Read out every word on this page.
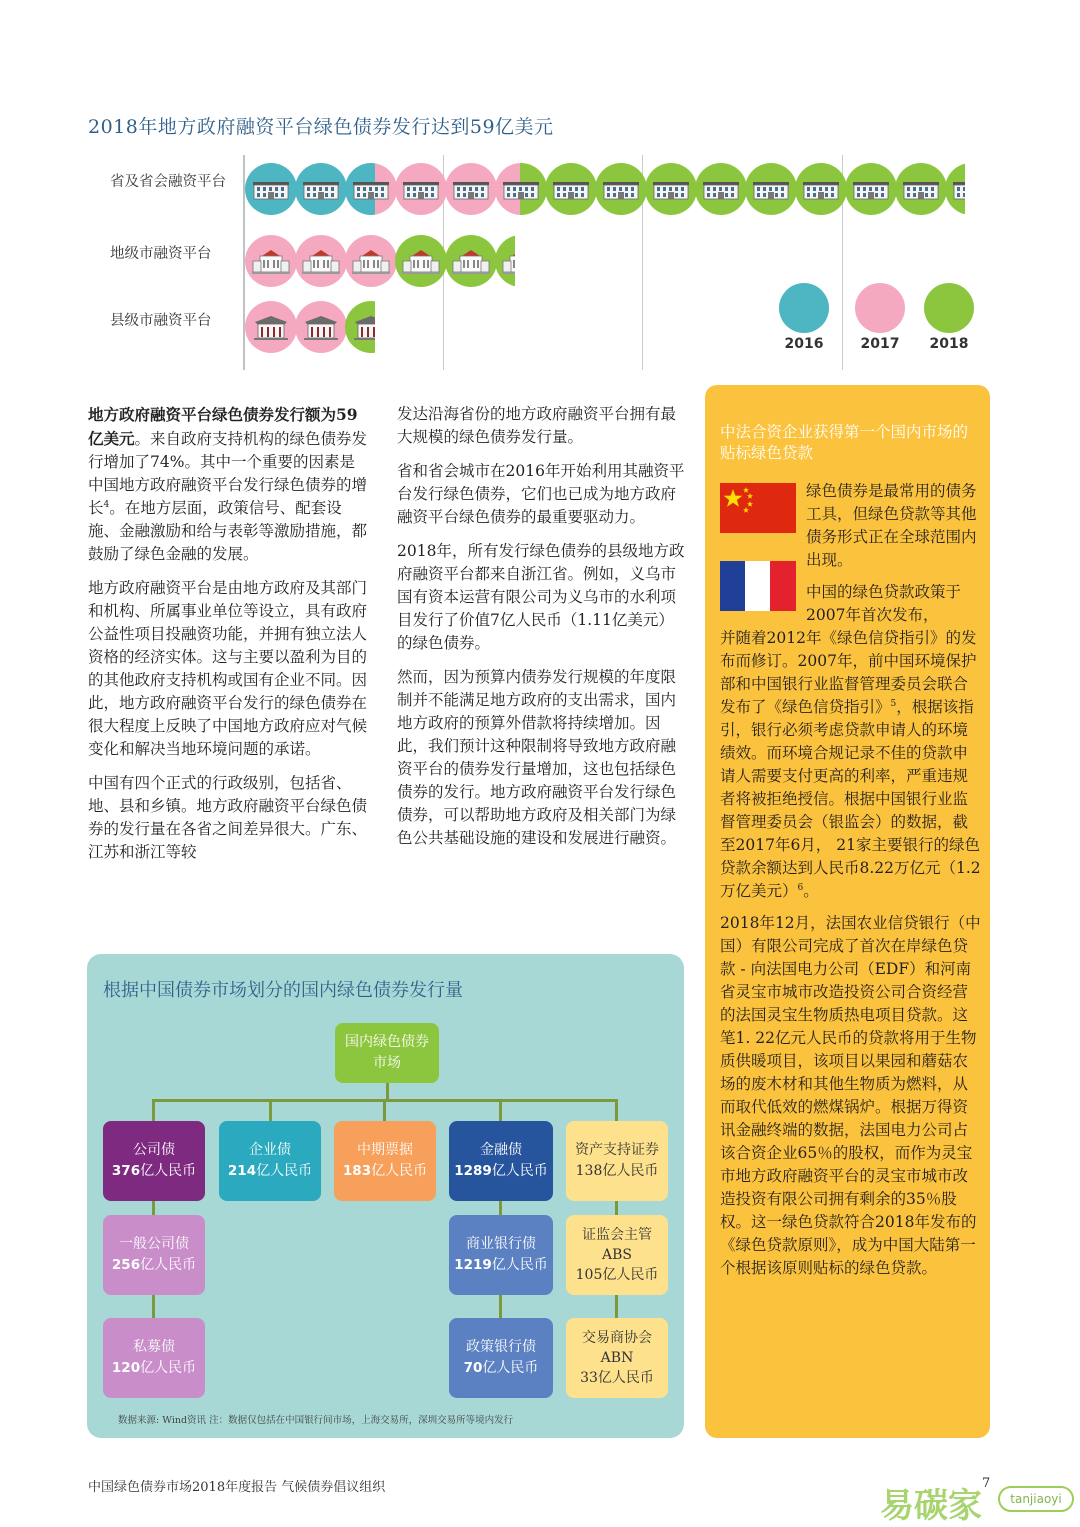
2018年地方政府融资平台绿色债券发行达到59亿美元
省及省会融资平台
地级市融资平台
县级市融资平台
2016	2017	2018

地方政府融资平台绿色债券发行额为59亿美元。来自政府支持机构的绿色债券发行增加了74%。其中一个重要的因素是中国地方政府融资平台发行绿色债券的增长$^4$。在地方层面，政策信号、配套设施、金融激励和给与表彰等激励措施，都鼓励了绿色金融的发展。

地方政府融资平台是由地方政府及其部门和机构、所属事业单位等设立，具有政府公益性项目投融资功能，并拥有独立法人资格的经济实体。这与主要以盈利为目的的其他政府支持机构或国有企业不同。因此，地方政府融资平台发行的绿色债券在很大程度上反映了中国地方政府应对气候变化和解决当地环境问题的承诺。

中国有四个正式的行政级别，包括省、地、县和乡镇。地方政府融资平台绿色债券的发行量在各省之间差异很大。广东、江苏和浙江等较

发达沿海省份的地方政府融资平台拥有最大规模的绿色债券发行量。

省和省会城市在2016年开始利用其融资平台发行绿色债券，它们也已成为地方政府融资平台绿色债券的最重要驱动力。

2018年，所有发行绿色债券的县级地方政府融资平台都来自浙江省。例如，义乌市国有资本运营有限公司为义乌市的水利项目发行了价值7亿人民币（1.11亿美元）的绿色债券。

然而，因为预算内债券发行规模的年度限制并不能满足地方政府的支出需求，国内地方政府的预算外借款将持续增加。因此，我们预计这种限制将导致地方政府融资平台的债券发行量增加，这也包括绿色债券的发行。地方政府融资平台发行绿色债券，可以帮助地方政府及相关部门为绿色公共基础设施的建设和发展进行融资。

中法合资企业获得第一个国内市场的贴标绿色贷款
绿色债券是最常用的债务工具，但绿色贷款等其他债务形式正在全球范围内出现。
中国的绿色贷款政策于2007年首次发布，

并随着2012年《绿色信贷指引》的发布而修订。2007年，前中国环境保护部和中国银行业监督管理委员会联合发布了《绿色信贷指引》$^5$，根据该指引，银行必须考虑贷款申请人的环境绩效。而环境合规记录不佳的贷款申请人需要支付更高的利率，严重违规者将被拒绝授信。根据中国银行业监督管理委员会（银监会）的数据，截至2017年6月， 21家主要银行的绿色贷款余额达到人民币8.22万亿元（1.2万亿美元）$^6$。

2018年12月，法国农业信贷银行（中国）有限公司完成了首次在岸绿色贷款 - 向法国电力公司（EDF）和河南省灵宝市城市改造投资公司合资经营的法国灵宝生物质热电项目贷款。这笔1. 22亿元人民币的贷款将用于生物质供暖项目，该项目以果园和蘑菇农场的废木材和其他生物质为燃料，从而取代低效的燃煤锅炉。根据万得资讯金融终端的数据，法国电力公司占该合资企业65％的股权，而作为灵宝市地方政府融资平台的灵宝市城市改造投资有限公司拥有剩余的35％股权。这一绿色贷款符合2018年发布的《绿色贷款原则》，成为中国大陆第一个根据该原则贴标的绿色贷款。

根据中国债券市场划分的国内绿色债券发行量
国内绿色债券市场
公司债
376亿人民币
企业债
214亿人民币
中期票据
183亿人民币
金融债
1289亿人民币
资产支持证券
138亿人民币
一般公司债
256亿人民币
商业银行债
1219亿人民币
证监会主管
ABS
105亿人民币
私募债
120亿人民币
政策银行债
70亿人民币
交易商协会
ABN
33亿人民币
数据来源: Wind资讯 注：数据仅包括在中国银行间市场，上海交易所，深圳交易所等境内发行
中国绿色债券市场2018年度报告 气候债券倡议组织	易碳家
7
tanjiaoyi
